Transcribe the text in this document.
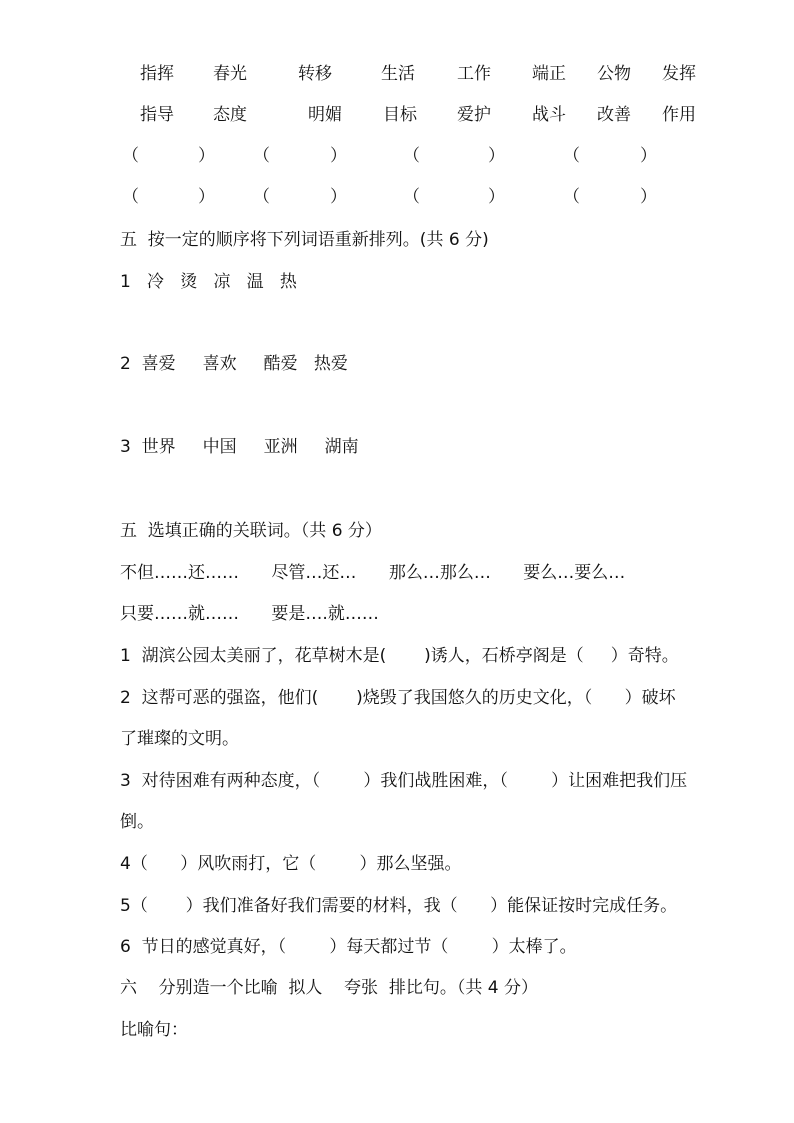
指挥 春光	转移	生活 工作 端正 公物 发挥
指导 态度	明媚 目标 爱护 战斗 改善 作用
（	） （	）	（	）	（	）
（	） （	）	（	）	（	）
五  按一定的顺序将下列词语重新排列。(共 6 分)
1   冷   烫   凉   温   热
2  喜爱     喜欢     酷爱   热爱
3  世界     中国     亚洲     湖南
五  选填正确的关联词。（共 6 分）
不但……还……      尽管…还…      那么…那么…      要么…要么…
只要……就……      要是….就……
1  湖滨公园太美丽了，花草树木是(       )诱人，石桥亭阁是（     ）奇特。
2  这帮可恶的强盗，他们(       )烧毁了我国悠久的历史文化，（      ）破坏
了璀璨的文明。
3  对待困难有两种态度，（        ）我们战胜困难，（        ）让困难把我们压
倒。
4（      ）风吹雨打，它（        ）那么坚强。
5（       ）我们准备好我们需要的材料，我（      ）能保证按时完成任务。
6  节日的感觉真好，（        ）每天都过节（        ）太棒了。
六    分别造一个比喻  拟人    夸张  排比句。（共 4 分）
比喻句：
